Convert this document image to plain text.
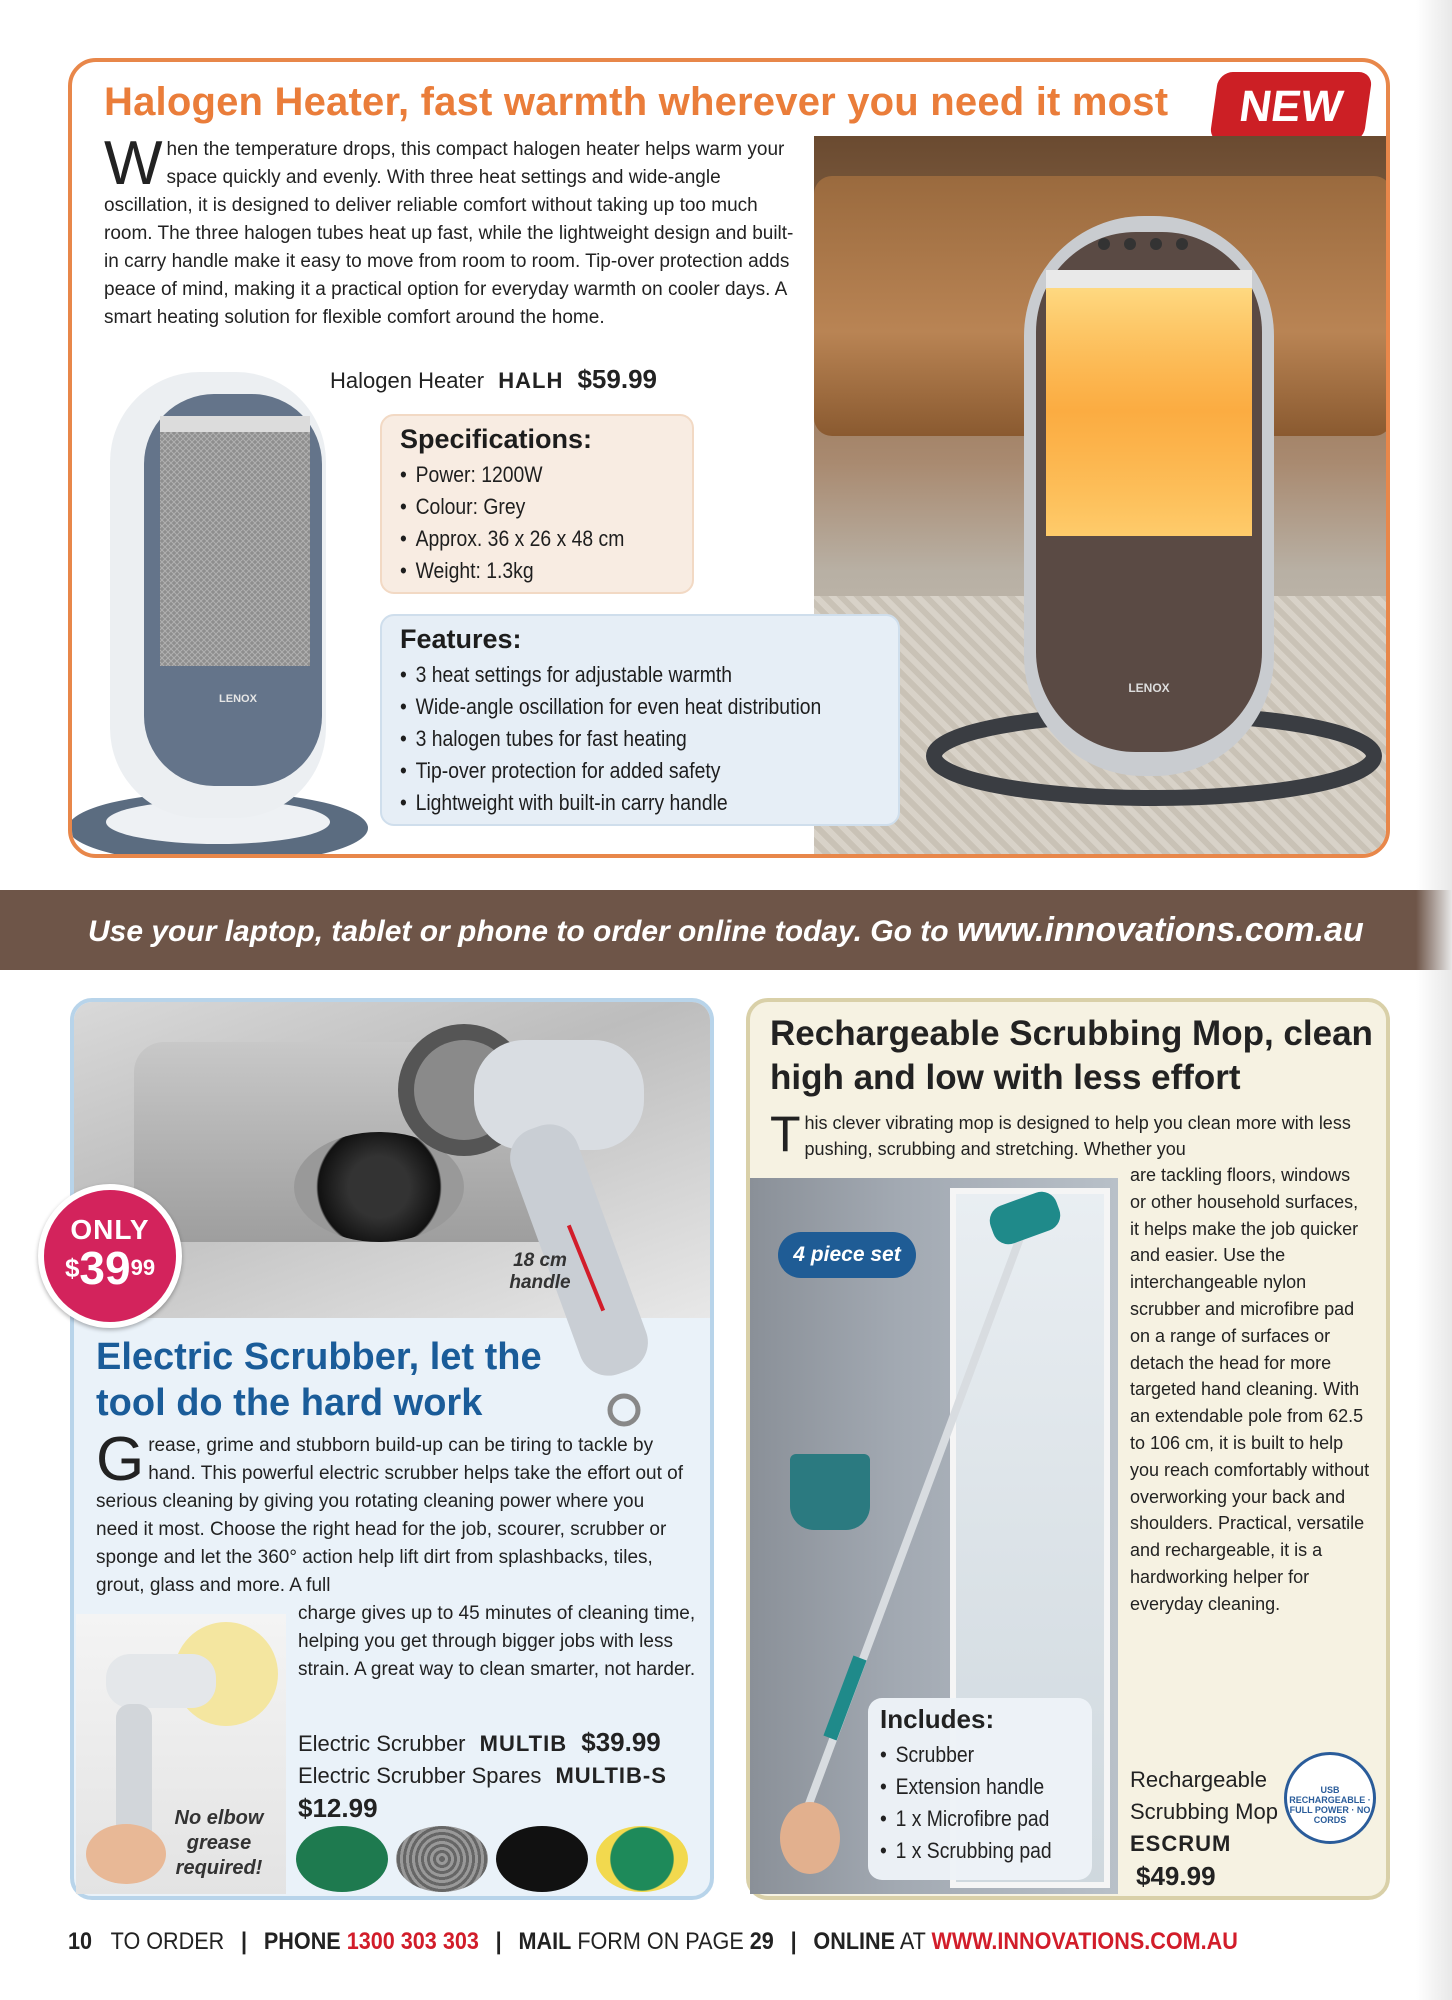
Halogen Heater, fast warmth wherever you need it most	NEW
LENOX
W hen the temperature drops, this compact halogen heater helps warm your space quickly and evenly. With three heat settings and wide-angle oscillation, it is designed to deliver reliable comfort without taking up too much room. The three halogen tubes heat up fast, while the lightweight design and built-in carry handle make it easy to move from room to room. Tip-over protection adds peace of mind, making it a practical option for everyday warmth on cooler days. A smart heating solution for flexible comfort around the home.
Halogen Heater HALH $59.99
LENOX
Specifications:
• Power: 1200W
• Colour: Grey
• Approx. 36 x 26 x 48 cm
• Weight: 1.3kg
Features:
• 3 heat settings for adjustable warmth
• Wide-angle oscillation for even heat distribution
• 3 halogen tubes for fast heating
• Tip-over protection for added safety
• Lightweight with built-in carry handle
Use your laptop, tablet or phone to order online today. Go to www.innovations.com.au
ONLY
$^{\$}39^{99}$	18 cm handle
Electric Scrubber, let the tool do the hard work
G rease, grime and stubborn build-up can be tiring to tackle by hand. This powerful electric scrubber helps take the effort out of serious cleaning by giving you rotating cleaning power where you need it most. Choose the right head for the job, scourer, scrubber or sponge and let the 360° action help lift dirt from splashbacks, tiles, grout, glass and more. A full
No elbow grease required!
charge gives up to 45 minutes of cleaning time, helping you get through bigger jobs with less strain. A great way to clean smarter, not harder.
Electric Scrubber MULTIB $39.99
Electric Scrubber Spares MULTIB-S
$12.99
Rechargeable Scrubbing Mop, clean high and low with less effort
T his clever vibrating mop is designed to help you clean more with less pushing, scrubbing and stretching. Whether you
4 piece set
are tackling floors, windows or other household surfaces, it helps make the job quicker and easier. Use the interchangeable nylon scrubber and microfibre pad on a range of surfaces or detach the head for more targeted hand cleaning. With an extendable pole from 62.5 to 106 cm, it is built to help you reach comfortably without overworking your back and shoulders. Practical, versatile and rechargeable, it is a hardworking helper for everyday cleaning.
Includes:
• Scrubber
• Extension handle
• 1 x Microfibre pad
• 1 x Scrubbing pad
Rechargeable Scrubbing Mop
ESCRUM $49.99
USB RECHARGEABLE · FULL POWER · NO CORDS
10 TO ORDER | PHONE 1300 303 303 | MAIL FORM ON PAGE 29 | ONLINE AT WWW.INNOVATIONS.COM.AU
